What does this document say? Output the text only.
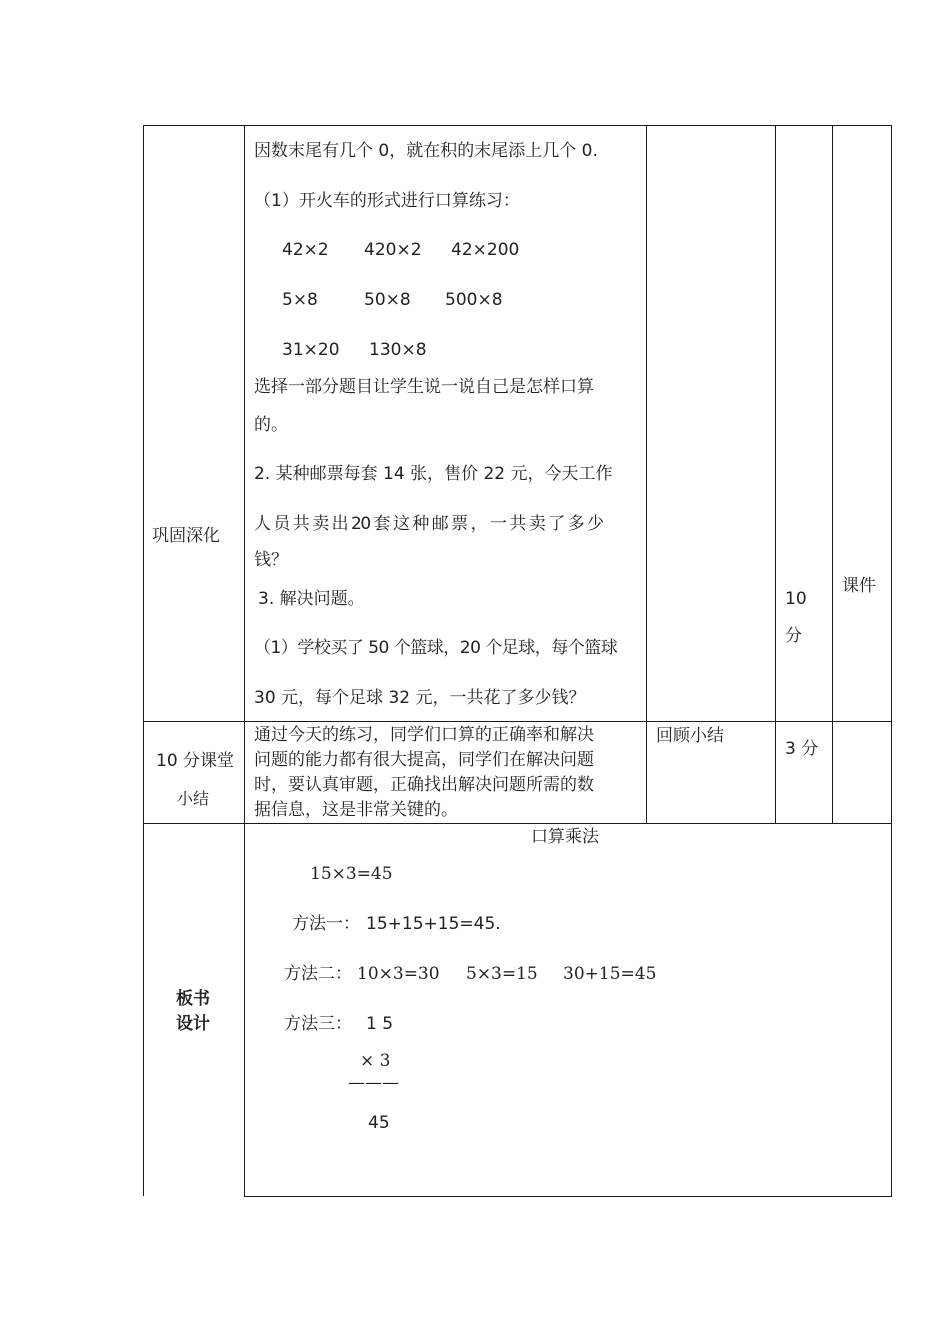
巩固深化
因数末尾有几个 0，就在积的末尾添上几个 0.
（1）开火车的形式进行口算练习：
42×2 420×2 42×200
5×8	50×8 500×8
31×20 130×8
选择一部分题目让学生说一说自己是怎样口算
的。
2. 某种邮票每套 14 张，售价 22 元，今天工作
人 员 共 卖 出 20 套 这 种 邮 票 ， 一 共 卖 了 多 少
钱？
3. 解决问题。
（1）学校买了 50 个篮球，20 个足球，每个篮球
30 元，每个足球 32 元，一共花了多少钱？
10
分
课件
10 分课堂
小结
通过今天的练习，同学们口算的正确率和解决
问题的能力都有很大提高，同学们在解决问题
时，要认真审题，正确找出解决问题所需的数
据信息，这是非常关键的。
回顾小结
3 分
板书
设计
口算乘法
15×3=45
方法一： 15+15+15=45.
方法二： 10×3=30 5×3=15 30+15=45
方法三： 1 5
× 3
———
45
